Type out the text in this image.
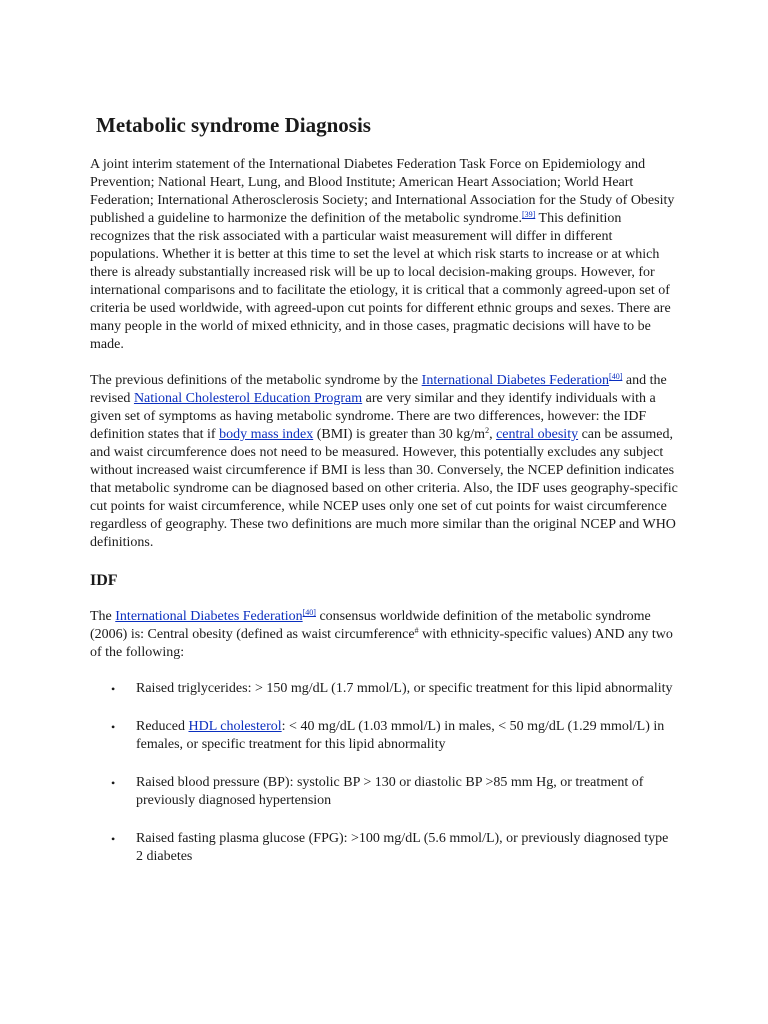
Metabolic syndrome Diagnosis

A joint interim statement of the International Diabetes Federation Task Force on Epidemiology and Prevention; National Heart, Lung, and Blood Institute; American Heart Association; World Heart Federation; International Atherosclerosis Society; and International Association for the Study of Obesity published a guideline to harmonize the definition of the metabolic syndrome.[39] This definition recognizes that the risk associated with a particular waist measurement will differ in different populations. Whether it is better at this time to set the level at which risk starts to increase or at which there is already substantially increased risk will be up to local decision-making groups. However, for international comparisons and to facilitate the etiology, it is critical that a commonly agreed-upon set of criteria be used worldwide, with agreed-upon cut points for different ethnic groups and sexes. There are many people in the world of mixed ethnicity, and in those cases, pragmatic decisions will have to be made.

The previous definitions of the metabolic syndrome by the International Diabetes Federation[40] and the revised National Cholesterol Education Program are very similar and they identify individuals with a given set of symptoms as having metabolic syndrome. There are two differences, however: the IDF definition states that if body mass index (BMI) is greater than 30 $kg/m^2$, central obesity can be assumed, and waist circumference does not need to be measured. However, this potentially excludes any subject without increased waist circumference if BMI is less than 30. Conversely, the NCEP definition indicates that metabolic syndrome can be diagnosed based on other criteria. Also, the IDF uses geography-specific cut points for waist circumference, while NCEP uses only one set of cut points for waist circumference regardless of geography. These two definitions are much more similar than the original NCEP and WHO definitions.

IDF

The International Diabetes Federation[40] consensus worldwide definition of the metabolic syndrome (2006) is: Central obesity (defined as waist circumference# with ethnicity-specific values) AND any two of the following:

• Raised triglycerides: > 150 mg/dL (1.7 mmol/L), or specific treatment for this lipid abnormality
• Reduced HDL cholesterol: < 40 mg/dL (1.03 mmol/L) in males, < 50 mg/dL (1.29 mmol/L) in females, or specific treatment for this lipid abnormality
• Raised blood pressure (BP): systolic BP > 130 or diastolic BP >85 mm Hg, or treatment of previously diagnosed hypertension
• Raised fasting plasma glucose (FPG): >100 mg/dL (5.6 mmol/L), or previously diagnosed type 2 diabetes
